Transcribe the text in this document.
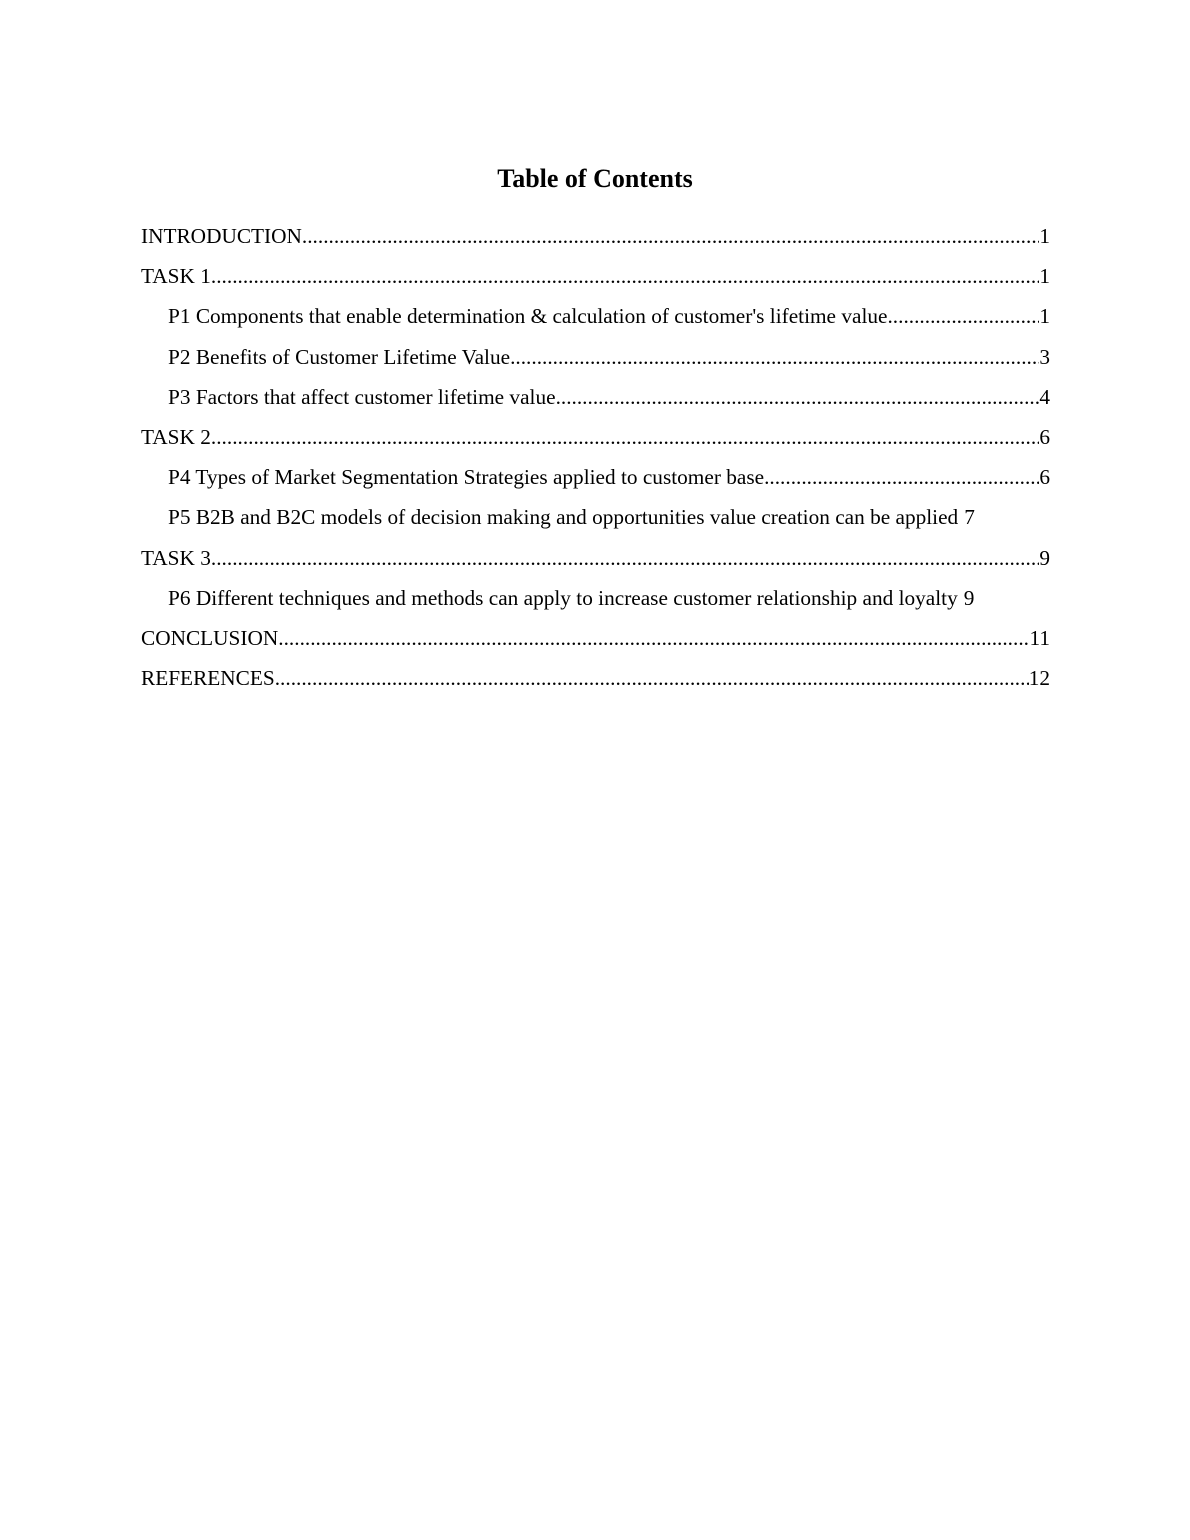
Table of Contents
INTRODUCTION .....	1
TASK 1 .....	1
P1 Components that enable determination & calculation of customer's lifetime value .....	1
P2 Benefits of Customer Lifetime Value .....	3
P3 Factors that affect customer lifetime value .....	4
TASK 2 .....	6
P4 Types of Market Segmentation Strategies applied to customer base .....	6
P5 B2B and B2C models of decision making and opportunities value creation can be applied 7
TASK 3 .....	9
P6 Different techniques and methods can apply to increase customer relationship and loyalty 9
CONCLUSION .....	11
REFERENCES .....	12
